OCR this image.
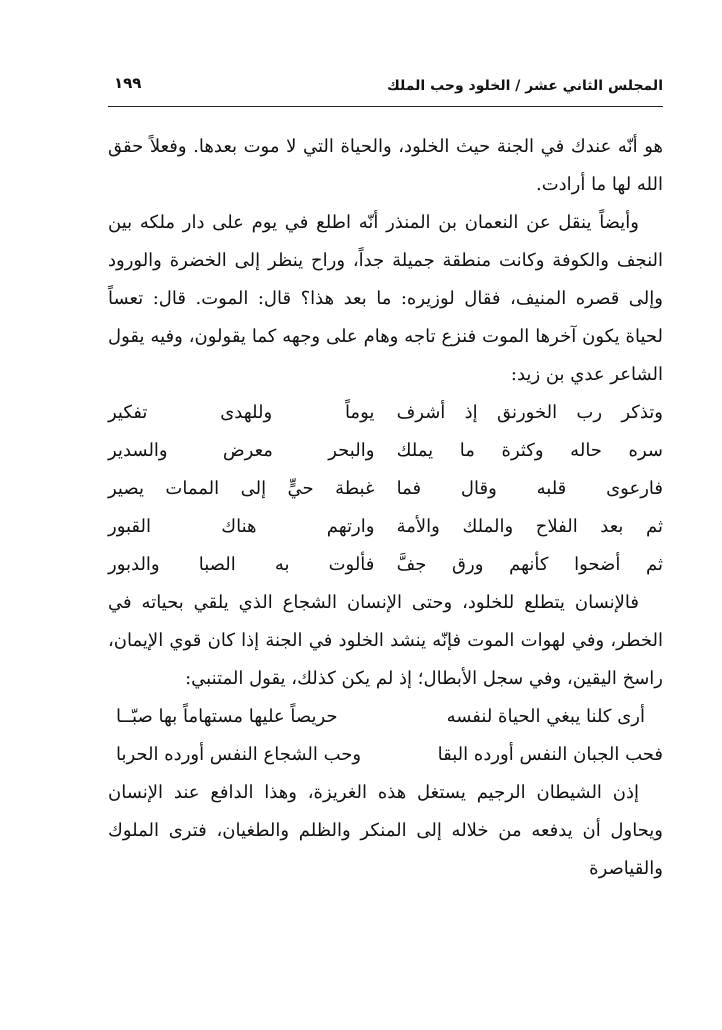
المجلس الثاني عشر / الخلود وحب الملك
١٩٩

هو أنّه عندك في الجنة حيث الخلود، والحياة التي لا موت بعدها. وفعلاً حقق الله لها ما أرادت.

وأيضاً ينقل عن النعمان بن المنذر أنّه اطلع في يوم على دار ملكه بين النجف والكوفة وكانت منطقة جميلة جداً، وراح ينظر إلى الخضرة والورود وإلى قصره المنيف، فقال لوزيره: ما بعد هذا؟ قال: الموت. قال: تعساً لحياة يكون آخرها الموت فنزع تاجه وهام على وجهه كما يقولون، وفيه يقول الشاعر عدي بن زيد:

وتذكر رب الخورنق إذ أشرف
يوماً وللهدى تفكير
سره حاله وكثرة ما يملك
والبحر معرض والسدير
فارعوى قلبه وقال فما
غبطة حيٍّ إلى الممات يصير
ثم بعد الفلاح والملك والأمة
وارتهم هناك القبور
ثم أضحوا كأنهم ورق جفَّ
فألوت به الصبا والدبور

فالإنسان يتطلع للخلود، وحتى الإنسان الشجاع الذي يلقي بحياته في الخطر، وفي لهوات الموت فإنّه ينشد الخلود في الجنة إذا كان قوي الإيمان، راسخ اليقين، وفي سجل الأبطال؛ إذ لم يكن كذلك، يقول المتنبي:

أرى كلنا يبغي الحياة لنفسه
حريصاً عليها مستهاماً بها صبّــا
فحب الجبان النفس أورده البقا
وحب الشجاع النفس أورده الحربا

إذن الشيطان الرجيم يستغل هذه الغريزة، وهذا الدافع عند الإنسان ويحاول أن يدفعه من خلاله إلى المنكر والظلم والطغيان، فترى الملوك والقياصرة
